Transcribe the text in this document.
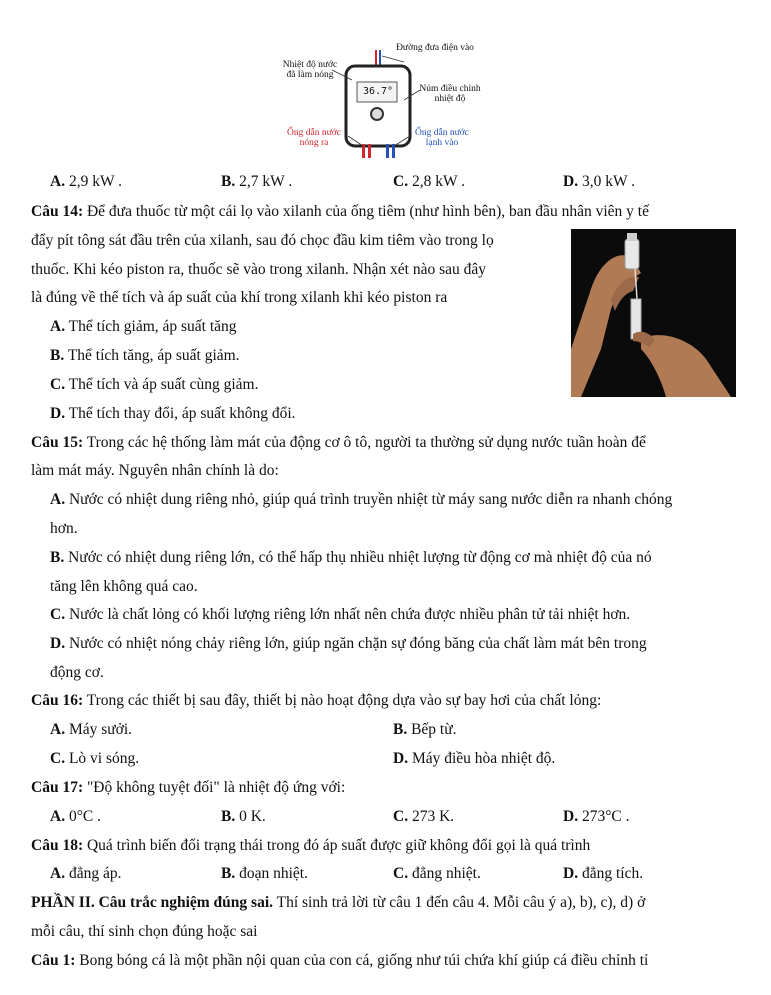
36.7°
Đường đưa điện vào
Nhiệt độ nước
đã làm nóng
Núm điều chỉnh
nhiệt độ
Ống dẫn nước
nóng ra
Ống dẫn nước
lạnh vào
A. 2,9 kW .	B. 2,7 kW .	C. 2,8 kW .	D. 3,0 kW .
Câu 14: Để đưa thuốc từ một cái lọ vào xilanh của ống tiêm (như hình bên), ban đầu nhân viên y tế
đẩy pít tông sát đầu trên của xilanh, sau đó chọc đầu kim tiêm vào trong lọ
thuốc. Khi kéo piston ra, thuốc sẽ vào trong xilanh. Nhận xét nào sau đây
là đúng về thể tích và áp suất của khí trong xilanh khi kéo piston ra
A. Thể tích giảm, áp suất tăng
B. Thể tích tăng, áp suất giảm.
C. Thể tích và áp suất cùng giảm.
D. Thể tích thay đổi, áp suất không đổi.
Câu 15: Trong các hệ thống làm mát của động cơ ô tô, người ta thường sử dụng nước tuần hoàn để
làm mát máy. Nguyên nhân chính là do:
A. Nước có nhiệt dung riêng nhỏ, giúp quá trình truyền nhiệt từ máy sang nước diễn ra nhanh chóng
hơn.
B. Nước có nhiệt dung riêng lớn, có thể hấp thụ nhiều nhiệt lượng từ động cơ mà nhiệt độ của nó
tăng lên không quá cao.
C. Nước là chất lỏng có khối lượng riêng lớn nhất nên chứa được nhiều phân tử tải nhiệt hơn.
D. Nước có nhiệt nóng chảy riêng lớn, giúp ngăn chặn sự đóng băng của chất làm mát bên trong
động cơ.
Câu 16: Trong các thiết bị sau đây, thiết bị nào hoạt động dựa vào sự bay hơi của chất lỏng:
A. Máy sưởi.	B. Bếp từ.
C. Lò vi sóng.	D. Máy điều hòa nhiệt độ.
Câu 17: "Độ không tuyệt đối" là nhiệt độ ứng với:
A. 0°C .	B. 0 K.	C. 273 K.	D. 273°C .
Câu 18: Quá trình biến đổi trạng thái trong đó áp suất được giữ không đổi gọi là quá trình
A. đẳng áp.	B. đoạn nhiệt.	C. đẳng nhiệt.	D. đẳng tích.
PHẦN II. Câu trắc nghiệm đúng sai. Thí sinh trả lời từ câu 1 đến câu 4. Mỗi câu ý a), b), c), d) ở
mỗi câu, thí sinh chọn đúng hoặc sai
Câu 1: Bong bóng cá là một phần nội quan của con cá, giống như túi chứa khí giúp cá điều chỉnh tỉ
